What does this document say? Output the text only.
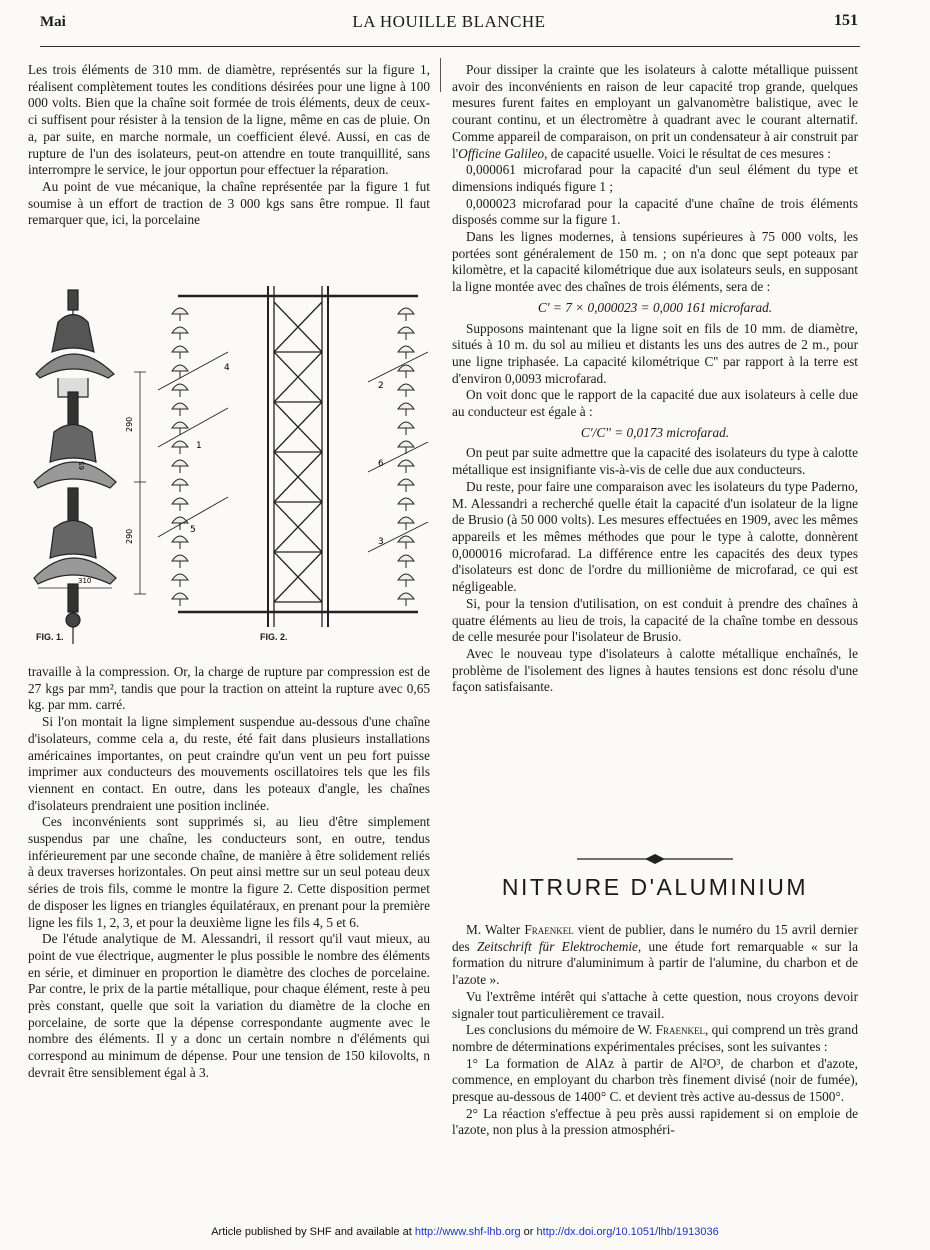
Mai	LA HOUILLE BLANCHE	151

Les trois éléments de 310 mm. de diamètre, représentés sur la figure 1, réalisent complètement toutes les conditions désirées pour une ligne à 100 000 volts. Bien que la chaîne soit formée de trois éléments, deux de ceux-ci suffisent pour résister à la tension de la ligne, même en cas de pluie. On a, par suite, en marche normale, un coefficient élevé. Aussi, en cas de rupture de l'un des isolateurs, peut-on attendre en toute tranquillité, sans interrompre le service, le jour opportun pour effectuer la réparation.

Au point de vue mécanique, la chaîne représentée par la figure 1 fut soumise à un effort de traction de 3 000 kgs sans être rompue. Il faut remarquer que, ici, la porcelaine

290
290
65
310
4
1
5
2
6
3
FIG. 1.	FIG. 2.

travaille à la compression. Or, la charge de rupture par compression est de 27 kgs par mm², tandis que pour la traction on atteint la rupture avec 0,65 kg. par mm. carré.

Si l'on montait la ligne simplement suspendue au-dessous d'une chaîne d'isolateurs, comme cela a, du reste, été fait dans plusieurs installations américaines importantes, on peut craindre qu'un vent un peu fort puisse imprimer aux conducteurs des mouvements oscillatoires tels que les fils viennent en contact. En outre, dans les poteaux d'angle, les chaînes d'isolateurs prendraient une position inclinée.

Ces inconvénients sont supprimés si, au lieu d'être simplement suspendus par une chaîne, les conducteurs sont, en outre, tendus inférieurement par une seconde chaîne, de manière à être solidement reliés à deux traverses horizontales. On peut ainsi mettre sur un seul poteau deux séries de trois fils, comme le montre la figure 2. Cette disposition permet de disposer les lignes en triangles équilatéraux, en prenant pour la première ligne les fils 1, 2, 3, et pour la deuxième ligne les fils 4, 5 et 6.

De l'étude analytique de M. Alessandri, il ressort qu'il vaut mieux, au point de vue électrique, augmenter le plus possible le nombre des éléments en série, et diminuer en proportion le diamètre des cloches de porcelaine. Par contre, le prix de la partie métallique, pour chaque élément, reste à peu près constant, quelle que soit la variation du diamètre de la cloche en porcelaine, de sorte que la dépense correspondante augmente avec le nombre des éléments. Il y a donc un certain nombre n d'éléments qui correspond au minimum de dépense. Pour une tension de 150 kilovolts, n devrait être sensiblement égal à 3.

Pour dissiper la crainte que les isolateurs à calotte métallique puissent avoir des inconvénients en raison de leur capacité trop grande, quelques mesures furent faites en employant un galvanomètre balistique, avec le courant continu, et un électromètre à quadrant avec le courant alternatif. Comme appareil de comparaison, on prit un condensateur à air construit par l'Officine Galileo, de capacité usuelle. Voici le résultat de ces mesures :

0,000061 microfarad pour la capacité d'un seul élément du type et dimensions indiqués figure 1 ;

0,000023 microfarad pour la capacité d'une chaîne de trois éléments disposés comme sur la figure 1.

Dans les lignes modernes, à tensions supérieures à 75 000 volts, les portées sont généralement de 150 m. ; on n'a donc que sept poteaux par kilomètre, et la capacité kilométrique due aux isolateurs seuls, en supposant la ligne montée avec des chaînes de trois éléments, sera de :

C' = 7 × 0,000023 = 0,000 161 microfarad.

Supposons maintenant que la ligne soit en fils de 10 mm. de diamètre, situés à 10 m. du sol au milieu et distants les uns des autres de 2 m., pour une ligne triphasée. La capacité kilométrique C'' par rapport à la terre est d'environ 0,0093 microfarad.

On voit donc que le rapport de la capacité due aux isolateurs à celle due au conducteur est égale à :

C'/C'' = 0,0173 microfarad.

On peut par suite admettre que la capacité des isolateurs du type à calotte métallique est insignifiante vis-à-vis de celle due aux conducteurs.

Du reste, pour faire une comparaison avec les isolateurs du type Paderno, M. Alessandri a recherché quelle était la capacité d'un isolateur de la ligne de Brusio (à 50 000 volts). Les mesures effectuées en 1909, avec les mêmes appareils et les mêmes méthodes que pour le type à calotte, donnèrent 0,000016 microfarad. La différence entre les capacités des deux types d'isolateurs est donc de l'ordre du millionième de microfarad, ce qui est négligeable.

Si, pour la tension d'utilisation, on est conduit à prendre des chaînes à quatre éléments au lieu de trois, la capacité de la chaîne tombe en dessous de celle mesurée pour l'isolateur de Brusio.

Avec le nouveau type d'isolateurs à calotte métallique enchaînés, le problème de l'isolement des lignes à hautes tensions est donc résolu d'une façon satisfaisante.

NITRURE D'ALUMINIUM

M. Walter Fraenkel vient de publier, dans le numéro du 15 avril dernier des Zeitschrift für Elektrochemie, une étude fort remarquable « sur la formation du nitrure d'aluminimum à partir de l'alumine, du charbon et de l'azote ».

Vu l'extrême intérêt qui s'attache à cette question, nous croyons devoir signaler tout particulièrement ce travail.

Les conclusions du mémoire de W. Fraenkel, qui comprend un très grand nombre de déterminations expérimentales précises, sont les suivantes :

1° La formation de AlAz à partir de Al²O³, de charbon et d'azote, commence, en employant du charbon très finement divisé (noir de fumée), presque au-dessous de 1400° C. et devient très active au-dessus de 1500°.

2° La réaction s'effectue à peu près aussi rapidement si on emploie de l'azote, non plus à la pression atmosphéri-

Article published by SHF and available at http://www.shf-lhb.org or http://dx.doi.org/10.1051/lhb/1913036
